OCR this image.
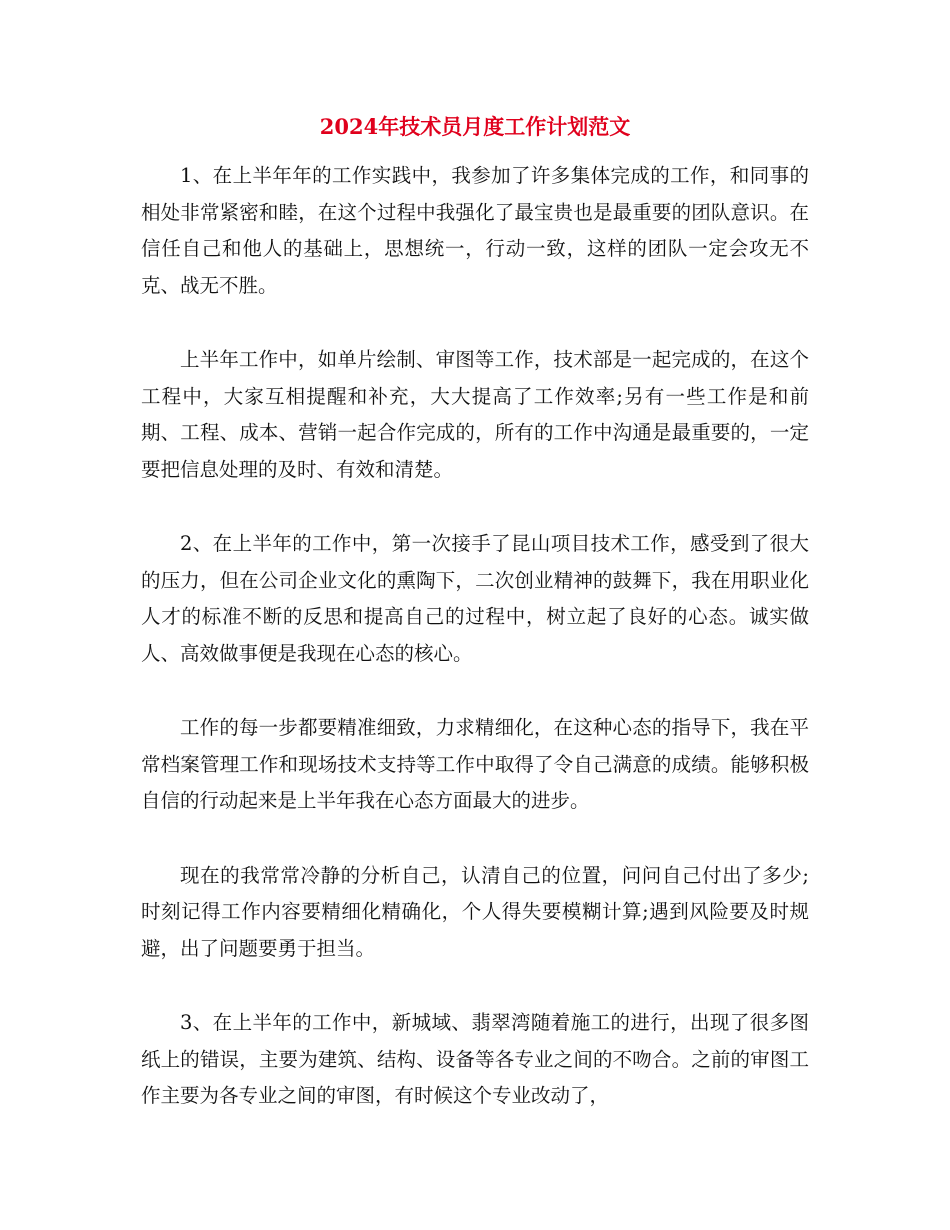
2024年技术员月度工作计划范文

1、在上半年年的工作实践中，我参加了许多集体完成的工作，和同事的相处非常紧密和睦，在这个过程中我强化了最宝贵也是最重要的团队意识。在信任自己和他人的基础上，思想统一，行动一致，这样的团队一定会攻无不克、战无不胜。

上半年工作中，如单片绘制、审图等工作，技术部是一起完成的，在这个工程中，大家互相提醒和补充，大大提高了工作效率;另有一些工作是和前期、工程、成本、营销一起合作完成的，所有的工作中沟通是最重要的，一定要把信息处理的及时、有效和清楚。

2、在上半年的工作中，第一次接手了昆山项目技术工作，感受到了很大的压力，但在公司企业文化的熏陶下，二次创业精神的鼓舞下，我在用职业化人才的标准不断的反思和提高自己的过程中，树立起了良好的心态。诚实做人、高效做事便是我现在心态的核心。

工作的每一步都要精准细致，力求精细化，在这种心态的指导下，我在平常档案管理工作和现场技术支持等工作中取得了令自己满意的成绩。能够积极自信的行动起来是上半年我在心态方面最大的进步。

现在的我常常冷静的分析自己，认清自己的位置，问问自己付出了多少;时刻记得工作内容要精细化精确化，个人得失要模糊计算;遇到风险要及时规避，出了问题要勇于担当。

3、在上半年的工作中，新城域、翡翠湾随着施工的进行，出现了很多图纸上的错误，主要为建筑、结构、设备等各专业之间的不吻合。之前的审图工作主要为各专业之间的审图，有时候这个专业改动了，
